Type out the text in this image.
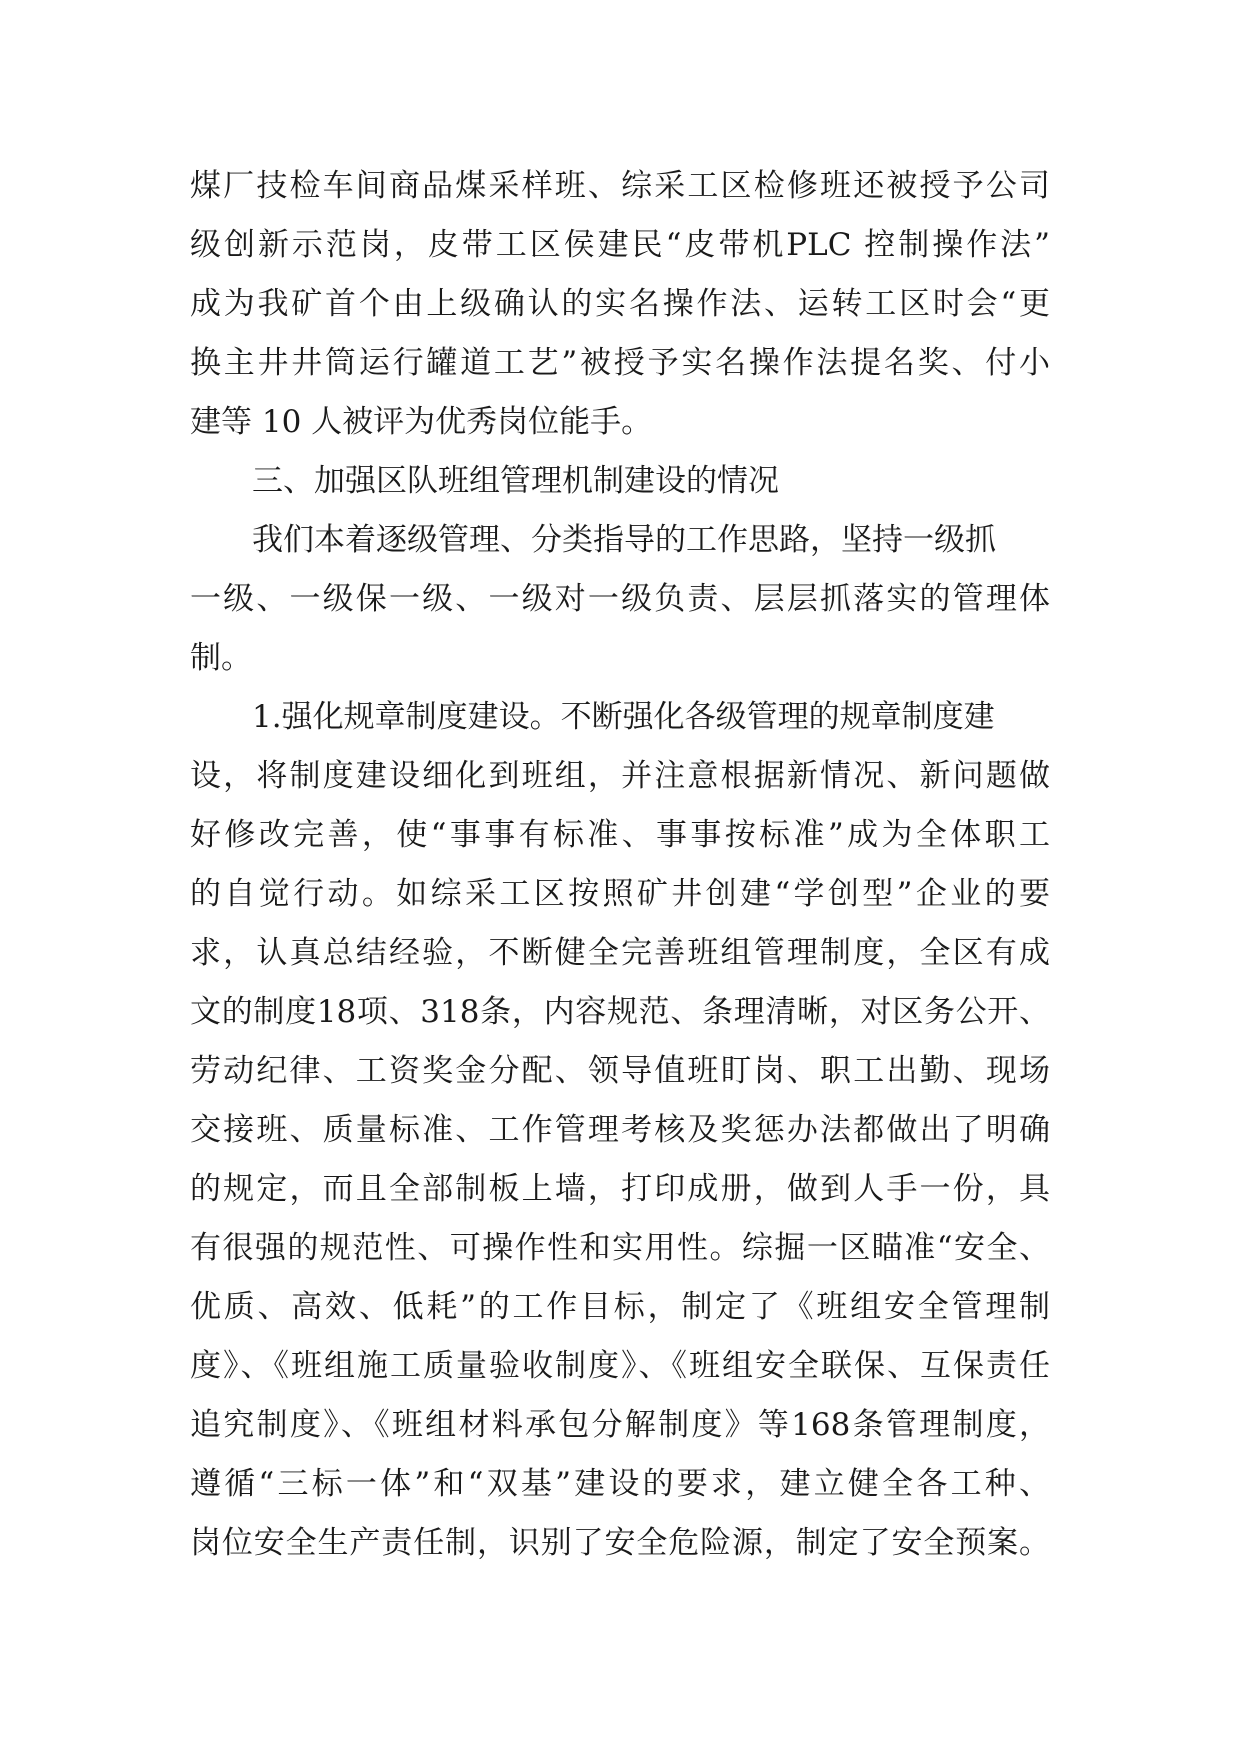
煤厂技检车间商品煤采样班、综采工区检修班还被授予公司
级创新示范岗，皮带工区侯建民“皮带机PLC 控制操作法”
成为我矿首个由上级确认的实名操作法、运转工区时会“更
换主井井筒运行罐道工艺”被授予实名操作法提名奖、付小
建等 10 人被评为优秀岗位能手。
三、加强区队班组管理机制建设的情况
我们本着逐级管理、分类指导的工作思路，坚持一级抓
一级、一级保一级、一级对一级负责、层层抓落实的管理体
制。
1.强化规章制度建设。不断强化各级管理的规章制度建
设，将制度建设细化到班组，并注意根据新情况、新问题做
好修改完善，使“事事有标准、事事按标准”成为全体职工
的自觉行动。如综采工区按照矿井创建“学创型”企业的要
求，认真总结经验，不断健全完善班组管理制度，全区有成
文的制度18项、318条，内容规范、条理清晰，对区务公开、
劳动纪律、工资奖金分配、领导值班盯岗、职工出勤、现场
交接班、质量标准、工作管理考核及奖惩办法都做出了明确
的规定，而且全部制板上墙，打印成册，做到人手一份，具
有很强的规范性、可操作性和实用性。综掘一区瞄准“安全、
优质、高效、低耗”的工作目标，制定了《班组安全管理制
度》、《班组施工质量验收制度》、《班组安全联保、互保责任
追究制度》、《班组材料承包分解制度》等168条管理制度，
遵循“三标一体”和“双基”建设的要求，建立健全各工种、
岗位安全生产责任制，识别了安全危险源，制定了安全预案。
